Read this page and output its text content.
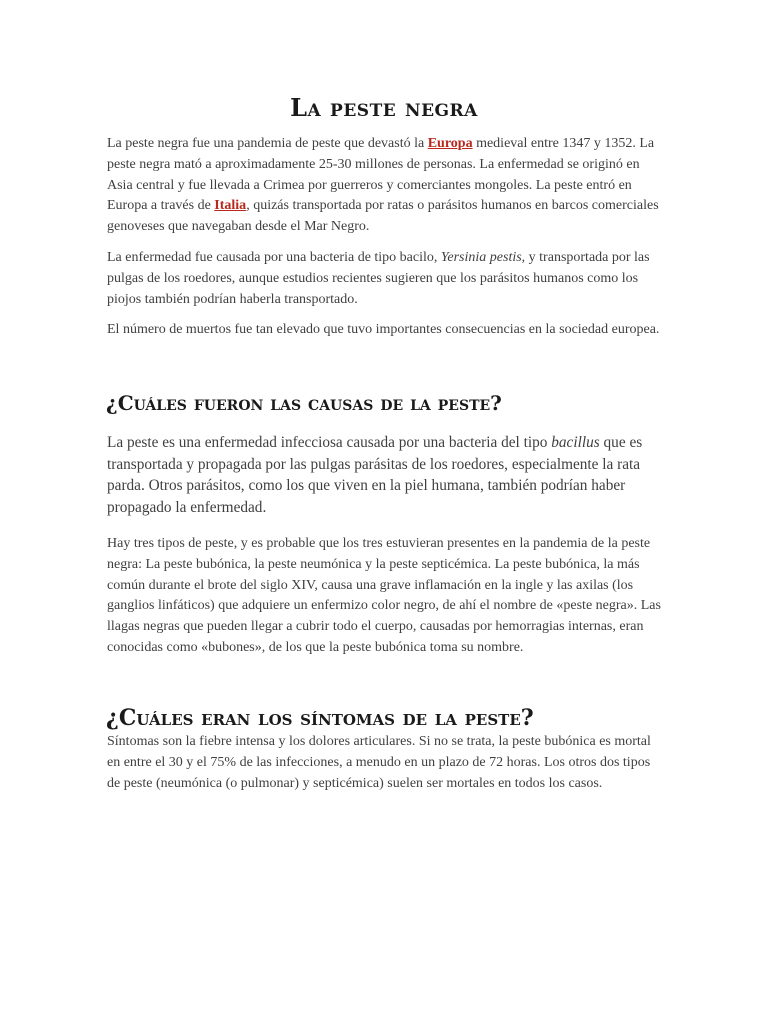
La peste negra

La peste negra fue una pandemia de peste que devastó la Europa medieval entre 1347 y 1352. La peste negra mató a aproximadamente 25-30 millones de personas. La enfermedad se originó en Asia central y fue llevada a Crimea por guerreros y comerciantes mongoles. La peste entró en Europa a través de Italia, quizás transportada por ratas o parásitos humanos en barcos comerciales genoveses que navegaban desde el Mar Negro.

La enfermedad fue causada por una bacteria de tipo bacilo, Yersinia pestis, y transportada por las pulgas de los roedores, aunque estudios recientes sugieren que los parásitos humanos como los piojos también podrían haberla transportado.

El número de muertos fue tan elevado que tuvo importantes consecuencias en la sociedad europea.

¿Cuáles fueron las causas de la peste?

La peste es una enfermedad infecciosa causada por una bacteria del tipo bacillus que es transportada y propagada por las pulgas parásitas de los roedores, especialmente la rata parda. Otros parásitos, como los que viven en la piel humana, también podrían haber propagado la enfermedad.

Hay tres tipos de peste, y es probable que los tres estuvieran presentes en la pandemia de la peste negra: La peste bubónica, la peste neumónica y la peste septicémica. La peste bubónica, la más común durante el brote del siglo XIV, causa una grave inflamación en la ingle y las axilas (los ganglios linfáticos) que adquiere un enfermizo color negro, de ahí el nombre de «peste negra». Las llagas negras que pueden llegar a cubrir todo el cuerpo, causadas por hemorragias internas, eran conocidas como «bubones», de los que la peste bubónica toma su nombre.

¿Cuáles eran los síntomas de la peste?

Síntomas son la fiebre intensa y los dolores articulares. Si no se trata, la peste bubónica es mortal en entre el 30 y el 75% de las infecciones, a menudo en un plazo de 72 horas. Los otros dos tipos de peste (neumónica (o pulmonar) y septicémica) suelen ser mortales en todos los casos.
